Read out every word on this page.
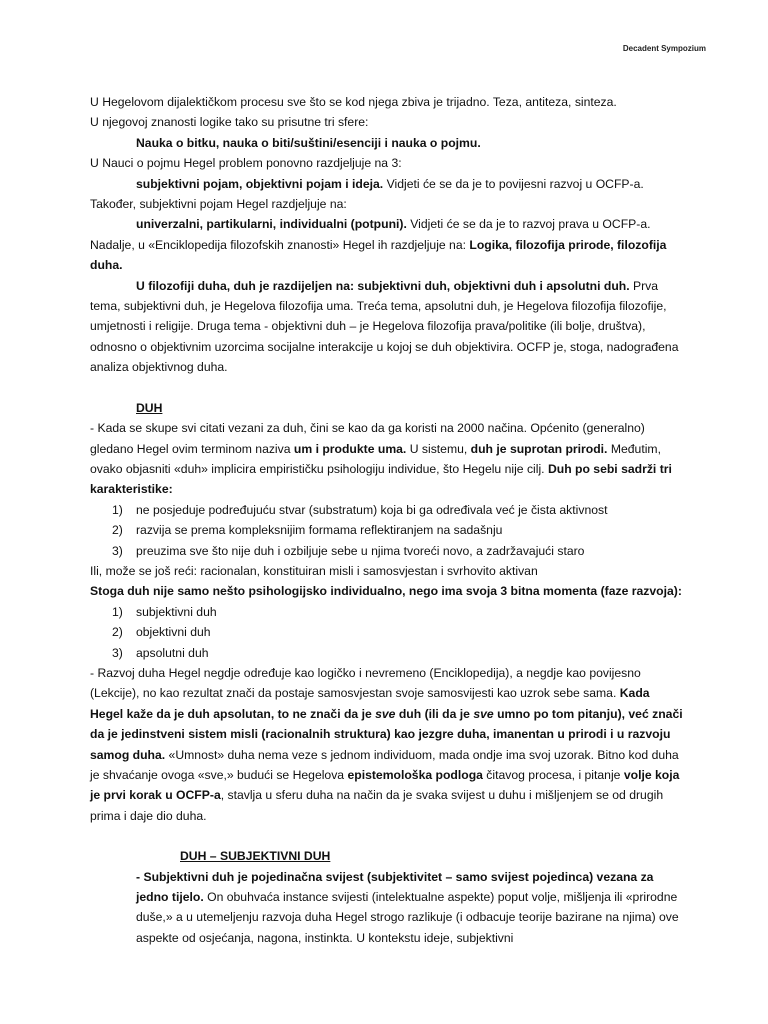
Decadent Sympozium

U Hegelovom dijalektičkom procesu sve što se kod njega zbiva je trijadno. Teza, antiteza, sinteza.

U njegovoj znanosti logike tako su prisutne tri sfere:

Nauka o bitku, nauka o biti/suštini/esenciji i nauka o pojmu.

U Nauci o pojmu Hegel problem ponovno razdjeljuje na 3:

subjektivni pojam, objektivni pojam i ideja. Vidjeti će se da je to povijesni razvoj u OCFP-a.

Također, subjektivni pojam Hegel razdjeljuje na:

univerzalni, partikularni, individualni (potpuni). Vidjeti će se da je to razvoj prava u OCFP-a.

Nadalje, u «Enciklopedija filozofskih znanosti» Hegel ih razdjeljuje na: Logika, filozofija prirode, filozofija duha.

U filozofiji duha, duh je razdijeljen na: subjektivni duh, objektivni duh i apsolutni duh. Prva tema, subjektivni duh, je Hegelova filozofija uma. Treća tema, apsolutni duh, je Hegelova filozofija filozofije, umjetnosti i religije. Druga tema - objektivni duh – je Hegelova filozofija prava/politike (ili bolje, društva), odnosno o objektivnim uzorcima socijalne interakcije u kojoj se duh objektivira. OCFP je, stoga, nadograđena analiza objektivnog duha.

DUH

- Kada se skupe svi citati vezani za duh, čini se kao da ga koristi na 2000 načina. Općenito (generalno) gledano Hegel ovim terminom naziva um i produkte uma. U sistemu, duh je suprotan prirodi. Međutim, ovako objasniti «duh» implicira empirističku psihologiju individue, što Hegelu nije cilj. Duh po sebi sadrži tri karakteristike:

1) ne posjeduje podređujuću stvar (substratum) koja bi ga određivala već je čista aktivnost
2) razvija se prema kompleksnijim formama reflektiranjem na sadašnju
3) preuzima sve što nije duh i ozbiljuje sebe u njima tvoreći novo, a zadržavajući staro

Ili, može se još reći: racionalan, konstituiran misli i samosvjestan i svrhovito aktivan

Stoga duh nije samo nešto psihologijsko individualno, nego ima svoja 3 bitna momenta (faze razvoja):

1) subjektivni duh
2) objektivni duh
3) apsolutni duh

- Razvoj duha Hegel negdje određuje kao logičko i nevremeno (Enciklopedija), a negdje kao povijesno (Lekcije), no kao rezultat znači da postaje samosvjestan svoje samosvijesti kao uzrok sebe sama. Kada Hegel kaže da je duh apsolutan, to ne znači da je sve duh (ili da je sve umno po tom pitanju), već znači da je jedinstveni sistem misli (racionalnih struktura) kao jezgre duha, imanentan u prirodi i u razvoju samog duha. «Umnost» duha nema veze s jednom individuom, mada ondje ima svoj uzorak. Bitno kod duha je shvaćanje ovoga «sve,» budući se Hegelova epistemološka podloga čitavog procesa, i pitanje volje koja je prvi korak u OCFP-a, stavlja u sferu duha na način da je svaka svijest u duhu i mišljenjem se od drugih prima i daje dio duha.

DUH – SUBJEKTIVNI DUH

- Subjektivni duh je pojedinačna svijest (subjektivitet – samo svijest pojedinca) vezana za jedno tijelo. On obuhvaća instance svijesti (intelektualne aspekte) poput volje, mišljenja ili «prirodne duše,» a u utemeljenju razvoja duha Hegel strogo razlikuje (i odbacuje teorije bazirane na njima) ove aspekte od osjećanja, nagona, instinkta. U kontekstu ideje, subjektivni
